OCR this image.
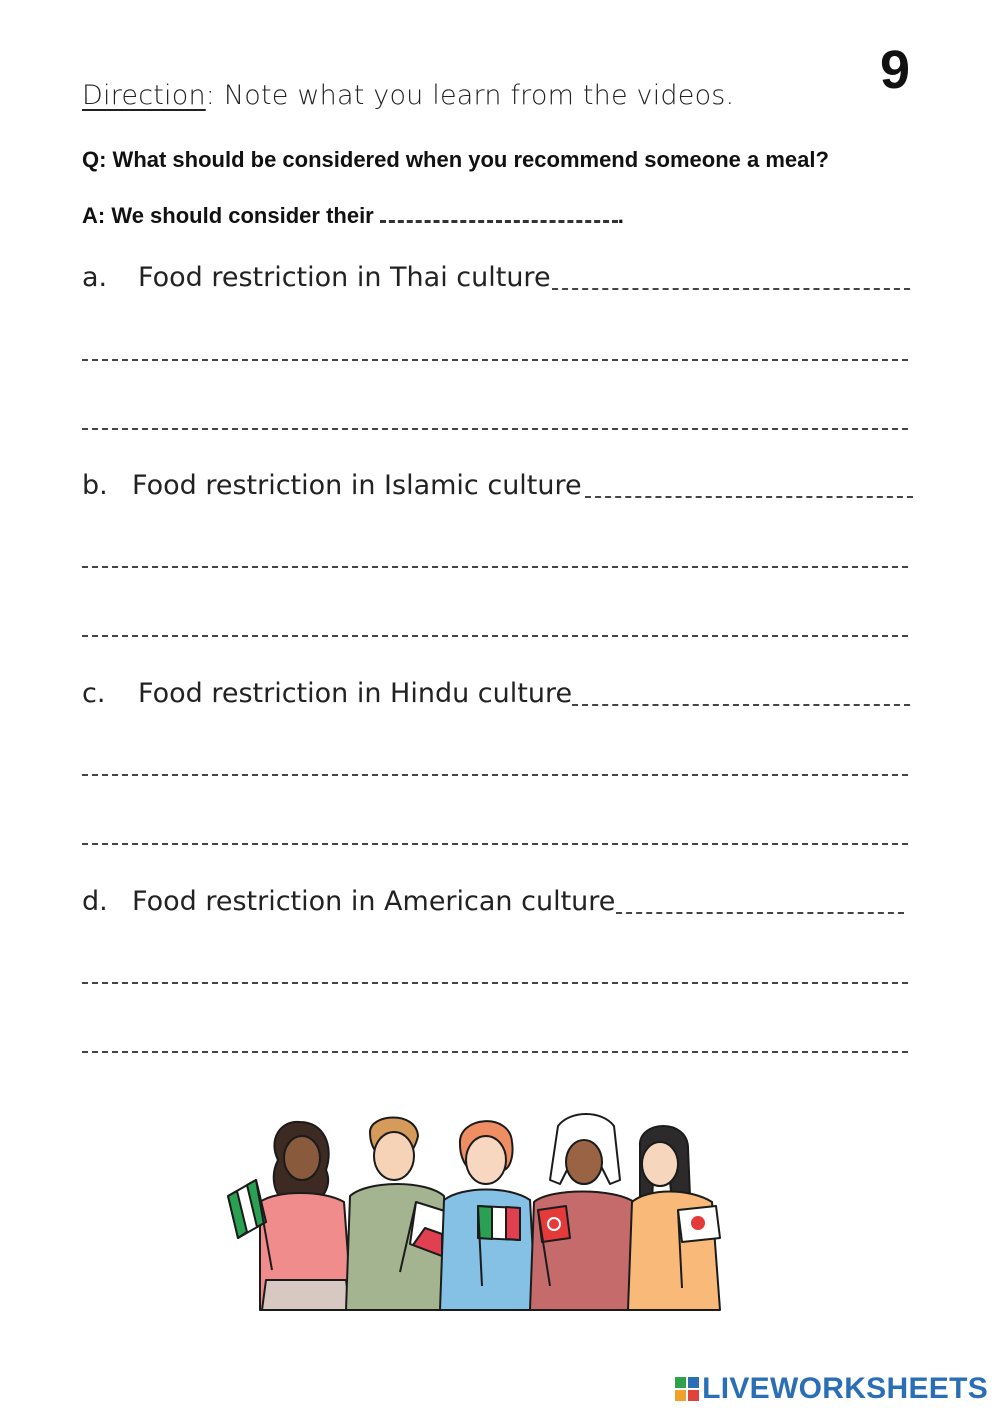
9
Direction: Note what you learn from the videos.
Q: What should be considered when you recommend someone a meal?
A: We should consider their	.
a. Food restriction in Thai culture
b. Food restriction in Islamic culture
c. Food restriction in Hindu culture
d. Food restriction in American culture
LIVEWORKSHEETS
